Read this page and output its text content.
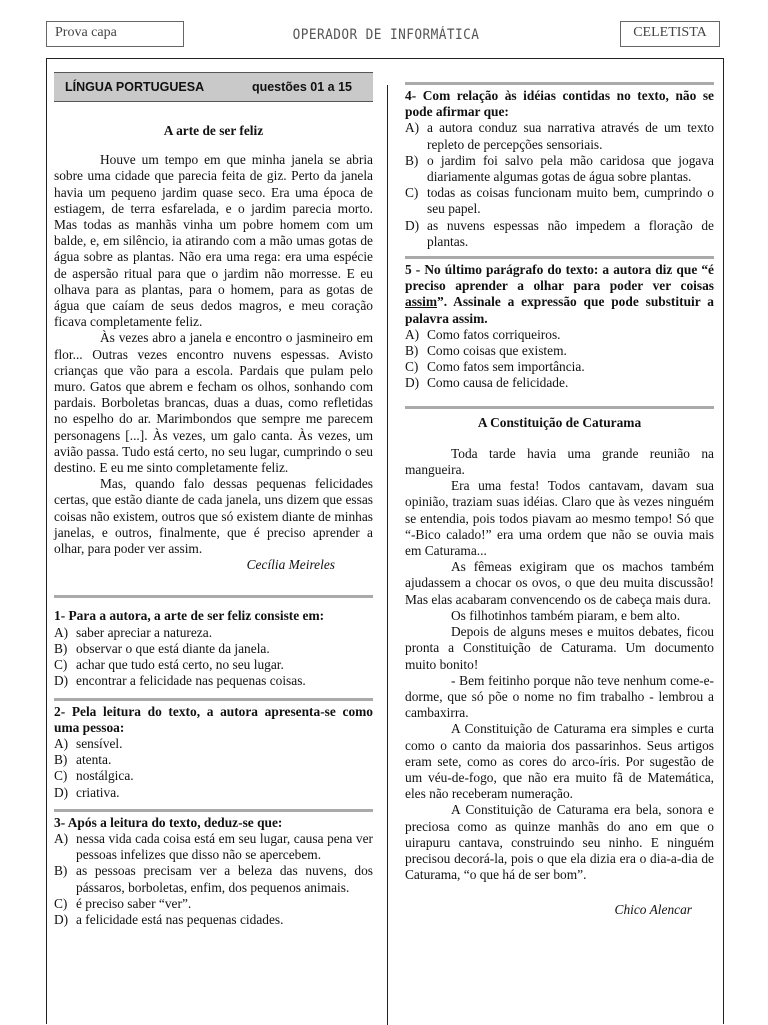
Prova capa	OPERADOR DE INFORMÁTICA	CELETISTA
LÍNGUA PORTUGUESA	questões 01 a 15
A arte de ser feliz

Houve um tempo em que minha janela se abria sobre uma cidade que parecia feita de giz. Perto da janela havia um pequeno jardim quase seco. Era uma época de estiagem, de terra esfarelada, e o jardim parecia morto. Mas todas as manhãs vinha um pobre homem com um balde, e, em silêncio, ia atirando com a mão umas gotas de água sobre as plantas. Não era uma rega: era uma espécie de aspersão ritual para que o jardim não morresse. E eu olhava para as plantas, para o homem, para as gotas de água que caíam de seus dedos magros, e meu coração ficava completamente feliz.

Às vezes abro a janela e encontro o jasmineiro em flor... Outras vezes encontro nuvens espessas. Avisto crianças que vão para a escola. Pardais que pulam pelo muro. Gatos que abrem e fecham os olhos, sonhando com pardais. Borboletas brancas, duas a duas, como refletidas no espelho do ar. Marimbondos que sempre me parecem personagens [...]. Às vezes, um galo canta. Às vezes, um avião passa. Tudo está certo, no seu lugar, cumprindo o seu destino. E eu me sinto completamente feliz.

Mas, quando falo dessas pequenas felicidades certas, que estão diante de cada janela, uns dizem que essas coisas não existem, outros que só existem diante de minhas janelas, e outros, finalmente, que é preciso aprender a olhar, para poder ver assim.

Cecília Meireles

1- Para a autora, a arte de ser feliz consiste em:

A) saber apreciar a natureza.
B) observar o que está diante da janela.
C) achar que tudo está certo, no seu lugar.
D) encontrar a felicidade nas pequenas coisas.

2- Pela leitura do texto, a autora apresenta-se como uma pessoa:

A) sensível.
B) atenta.
C) nostálgica.
D) criativa.

3- Após a leitura do texto, deduz-se que:

A) nessa vida cada coisa está em seu lugar, causa pena ver pessoas infelizes que disso não se apercebem.
B) as pessoas precisam ver a beleza das nuvens, dos pássaros, borboletas, enfim, dos pequenos animais.
C) é preciso saber “ver”.
D) a felicidade está nas pequenas cidades.

4- Com relação às idéias contidas no texto, não se pode afirmar que:

A) a autora conduz sua narrativa através de um texto repleto de percepções sensoriais.
B) o jardim foi salvo pela mão caridosa que jogava diariamente algumas gotas de água sobre plantas.
C) todas as coisas funcionam muito bem, cumprindo o seu papel.
D) as nuvens espessas não impedem a floração de plantas.

5 - No último parágrafo do texto: a autora diz que “é preciso aprender a olhar para poder ver coisas assim”. Assinale a expressão que pode substituir a palavra assim.

A) Como fatos corriqueiros.
B) Como coisas que existem.
C) Como fatos sem importância.
D) Como causa de felicidade.
A Constituição de Caturama

Toda tarde havia uma grande reunião na mangueira.

Era uma festa! Todos cantavam, davam sua opinião, traziam suas idéias. Claro que às vezes ninguém se entendia, pois todos piavam ao mesmo tempo! Só que “-Bico calado!” era uma ordem que não se ouvia mais em Caturama...

As fêmeas exigiram que os machos também ajudassem a chocar os ovos, o que deu muita discussão! Mas elas acabaram convencendo os de cabeça mais dura.

Os filhotinhos também piaram, e bem alto.

Depois de alguns meses e muitos debates, ficou pronta a Constituição de Caturama. Um documento muito bonito!

- Bem feitinho porque não teve nenhum come-e-dorme, que só põe o nome no fim trabalho - lembrou a cambaxirra.

A Constituição de Caturama era simples e curta como o canto da maioria dos passarinhos. Seus artigos eram sete, como as cores do arco-íris. Por sugestão de um véu-de-fogo, que não era muito fã de Matemática, eles não receberam numeração.

A Constituição de Caturama era bela, sonora e preciosa como as quinze manhãs do ano em que o uirapuru cantava, construindo seu ninho. E ninguém precisou decorá-la, pois o que ela dizia era o dia-a-dia de Caturama, “o que há de ser bom”.

Chico Alencar
